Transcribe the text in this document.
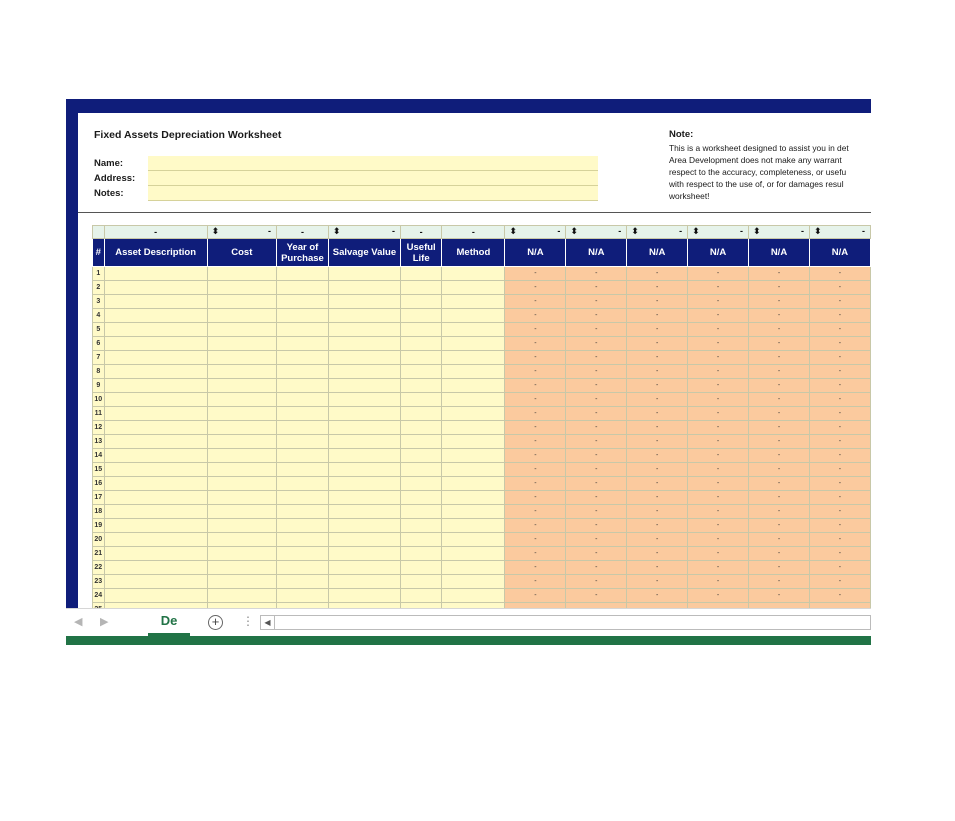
Fixed Assets Depreciation Worksheet
Name:
Address:
Notes:
Note:
This is a worksheet designed to assist you in det
Area Development does not make any warrant
respect to the accuracy, completeness, or usefu
with respect to the use of, or for damages resul
worksheet!
	-	⬍ -	-	⬍ -	-	-	⬍ -	⬍ -	⬍ -	⬍ -	⬍ -	⬍ -

#	Asset Description	Cost	Year of Purchase	Salvage Value	Useful Life	Method	N/A	N/A	N/A	N/A	N/A	N/A
1							-	-	-	-	-	-
2							-	-	-	-	-	-
3							-	-	-	-	-	-
4							-	-	-	-	-	-
5							-	-	-	-	-	-
6							-	-	-	-	-	-
7							-	-	-	-	-	-
8							-	-	-	-	-	-
9							-	-	-	-	-	-
10							-	-	-	-	-	-
11							-	-	-	-	-	-
12							-	-	-	-	-	-
13							-	-	-	-	-	-
14							-	-	-	-	-	-
15							-	-	-	-	-	-
16							-	-	-	-	-	-
17							-	-	-	-	-	-
18							-	-	-	-	-	-
19							-	-	-	-	-	-
20							-	-	-	-	-	-
21							-	-	-	-	-	-
22							-	-	-	-	-	-
23							-	-	-	-	-	-
24							-	-	-	-	-	-

◀ ▶	De	+	⋮	◀
